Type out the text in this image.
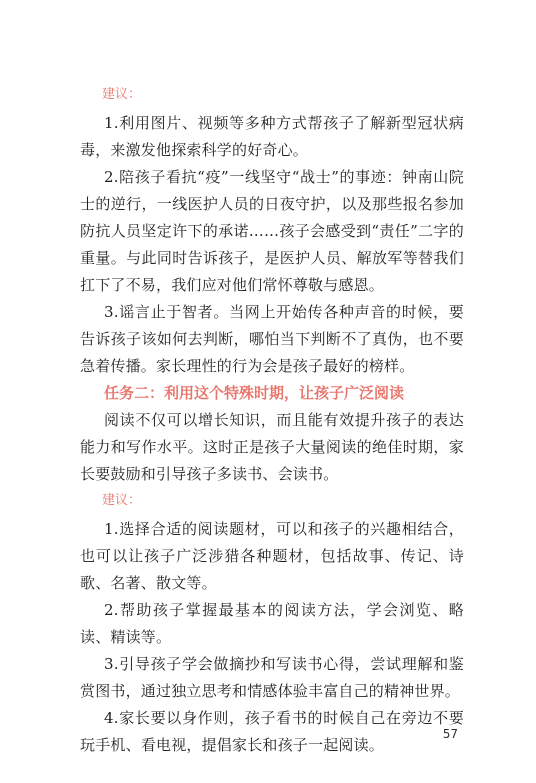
建议：

1.利用图片、视频等多种方式帮孩子了解新型冠状病毒，来激发他探索科学的好奇心。

2.陪孩子看抗“疫”一线坚守“战士”的事迹：钟南山院士的逆行，一线医护人员的日夜守护，以及那些报名参加防抗人员坚定许下的承诺……孩子会感受到“责任”二字的重量。与此同时告诉孩子，是医护人员、解放军等替我们扛下了不易，我们应对他们常怀尊敬与感恩。

3.谣言止于智者。当网上开始传各种声音的时候，要告诉孩子该如何去判断，哪怕当下判断不了真伪，也不要急着传播。家长理性的行为会是孩子最好的榜样。

任务二：利用这个特殊时期，让孩子广泛阅读

阅读不仅可以增长知识，而且能有效提升孩子的表达能力和写作水平。这时正是孩子大量阅读的绝佳时期，家长要鼓励和引导孩子多读书、会读书。

建议：

1.选择合适的阅读题材，可以和孩子的兴趣相结合，也可以让孩子广泛涉猎各种题材，包括故事、传记、诗歌、名著、散文等。

2.帮助孩子掌握最基本的阅读方法，学会浏览、略读、精读等。

3.引导孩子学会做摘抄和写读书心得，尝试理解和鉴赏图书，通过独立思考和情感体验丰富自己的精神世界。

4.家长要以身作则，孩子看书的时候自己在旁边不要玩手机、看电视，提倡家长和孩子一起阅读。

57
